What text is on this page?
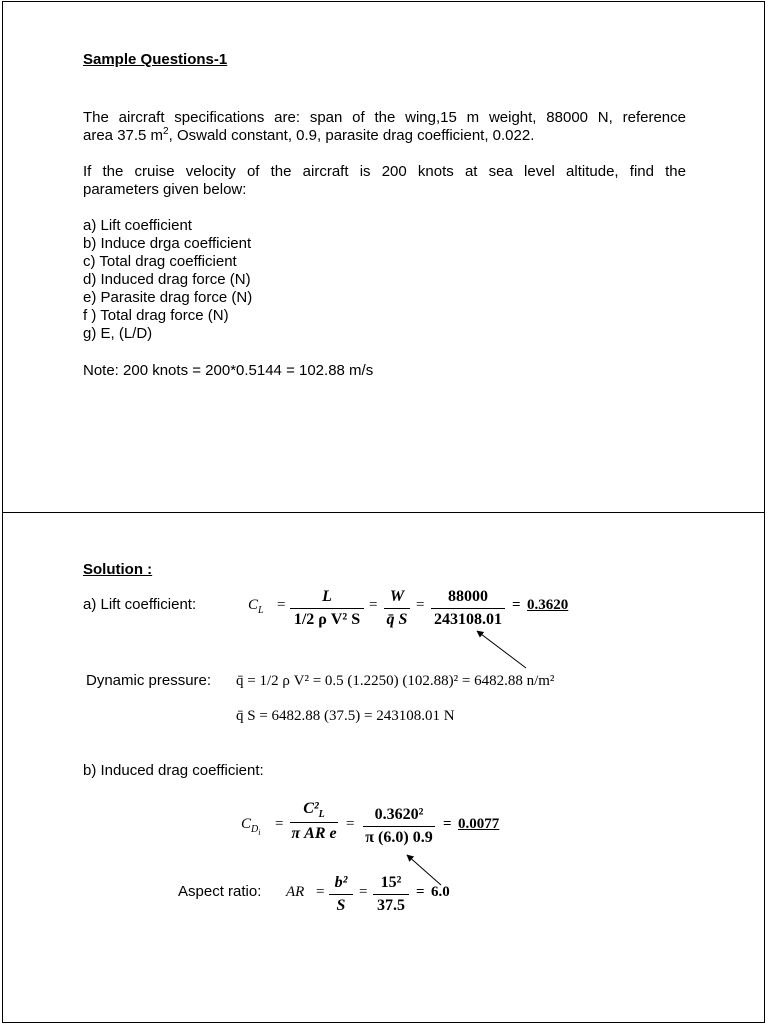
Sample Questions-1
The aircraft specifications are: span of the wing,15 m weight, 88000 N, reference
area 37.5 $m^2$, Oswald constant, 0.9, parasite drag coefficient, 0.022.
If the cruise velocity of the aircraft is 200 knots at sea level altitude, find the
parameters given below:
a) Lift coefficient
b) Induce drga coefficient
c) Total drag coefficient
d) Induced drag force (N)
e) Parasite drag force (N)
f ) Total drag force (N)
g) E, (L/D)
Note: 200 knots = 200*0.5144 = 102.88 m/s
Solution :
a) Lift coefficient:	$C_L = \frac{L}{\text{1/2 ρ V² S}} = \frac{W}{q̄ S} = \frac{88000}{243108.01} = 0.3620$
Dynamic pressure: q̄ = 1/2 ρ V² = 0.5 (1.2250) (102.88)² = 6482.88 n/m²
q̄ S = 6482.88 (37.5) = 243108.01 N
b) Induced drag coefficient:
$C_{D_i}$
= $\frac{C^2_L}{\text{π AR e}} = \frac{\text{0.3620²}}{\pi (6.0) 0.9} = 0.0077$
Aspect ratio: AR = $\frac{\text{b²}}{S} = \frac{\text{15²}}{37.5} = 6.0$
